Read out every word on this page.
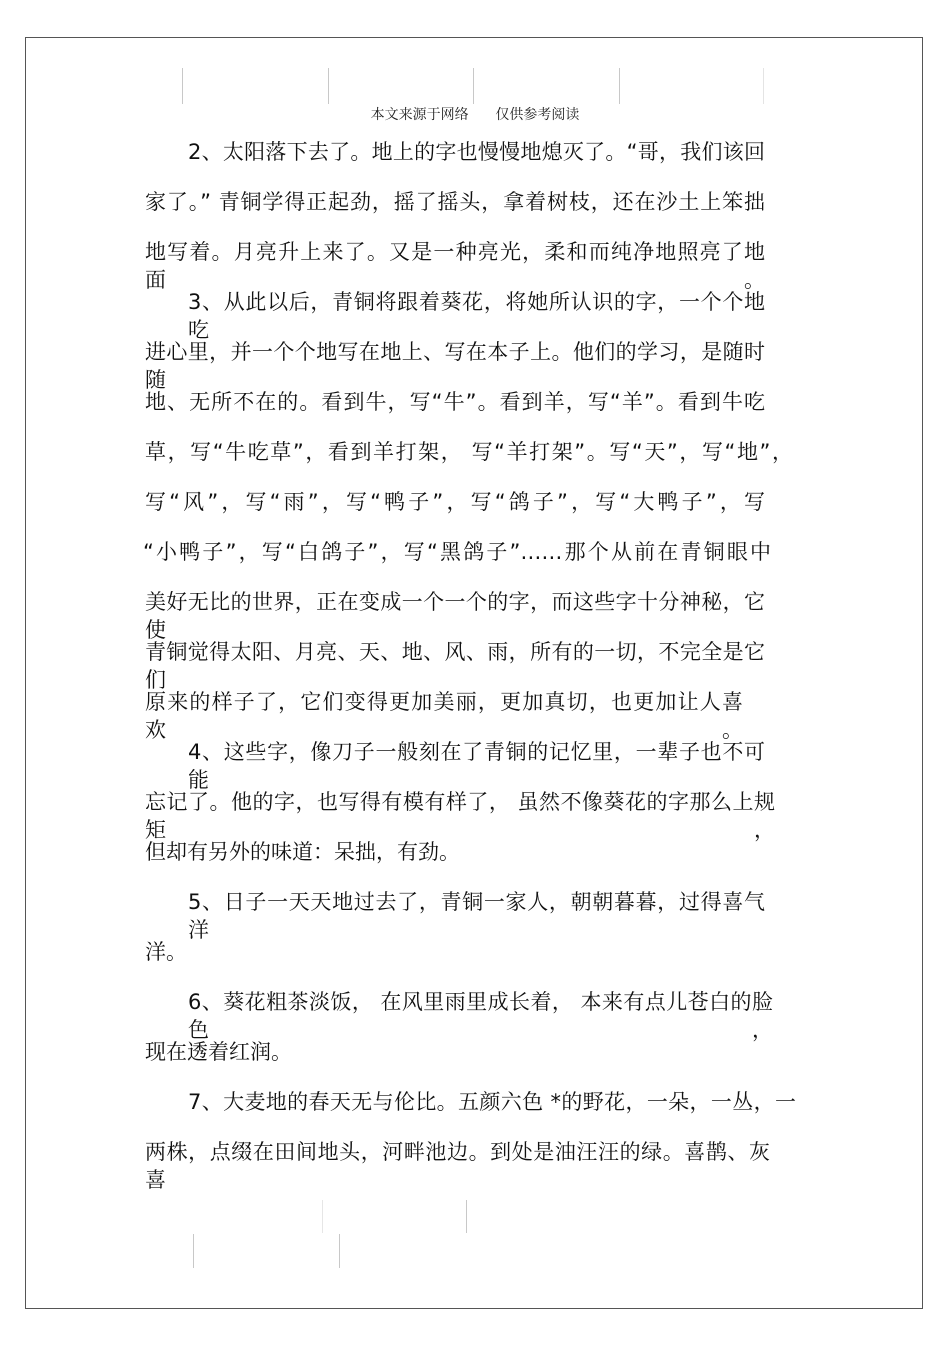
本文来源于网络      仅供参考阅读
2、太阳落下去了。地上的字也慢慢地熄灭了。“哥，我们该回
家了。” 青铜学得正起劲，摇了摇头，拿着树枝，还在沙土上笨拙
地写着。月亮升上来了。又是一种亮光，柔和而纯净地照亮了地面。
3、从此以后，青铜将跟着葵花，将她所认识的字，一个个地吃
进心里，并一个个地写在地上、写在本子上。他们的学习，是随时随
地、无所不在的。看到牛，写“牛”。看到羊，写“羊”。看到牛吃
草，写“牛吃草”，看到羊打架， 写“羊打架”。写“天”，写“地”，
写“风”，写“雨”，写“鸭子”，写“鸽子”，写“大鸭子”，写
“小鸭子”，写“白鸽子”，写“黑鸽子”……那个从前在青铜眼中
美好无比的世界，正在变成一个一个的字，而这些字十分神秘，它使
青铜觉得太阳、月亮、天、地、风、雨，所有的一切，不完全是它们
原来的样子了，它们变得更加美丽，更加真切，也更加让人喜欢。
4、这些字，像刀子一般刻在了青铜的记忆里，一辈子也不可能
忘记了。他的字，也写得有模有样了， 虽然不像葵花的字那么上规矩，
但却有另外的味道：呆拙，有劲。
5、日子一天天地过去了，青铜一家人，朝朝暮暮，过得喜气洋
洋。
6、葵花粗茶淡饭， 在风里雨里成长着， 本来有点儿苍白的脸色，
现在透着红润。
7、大麦地的春天无与伦比。五颜六色 *的野花，一朵，一丛，一
两株，点缀在田间地头，河畔池边。到处是油汪汪的绿。喜鹊、灰喜
